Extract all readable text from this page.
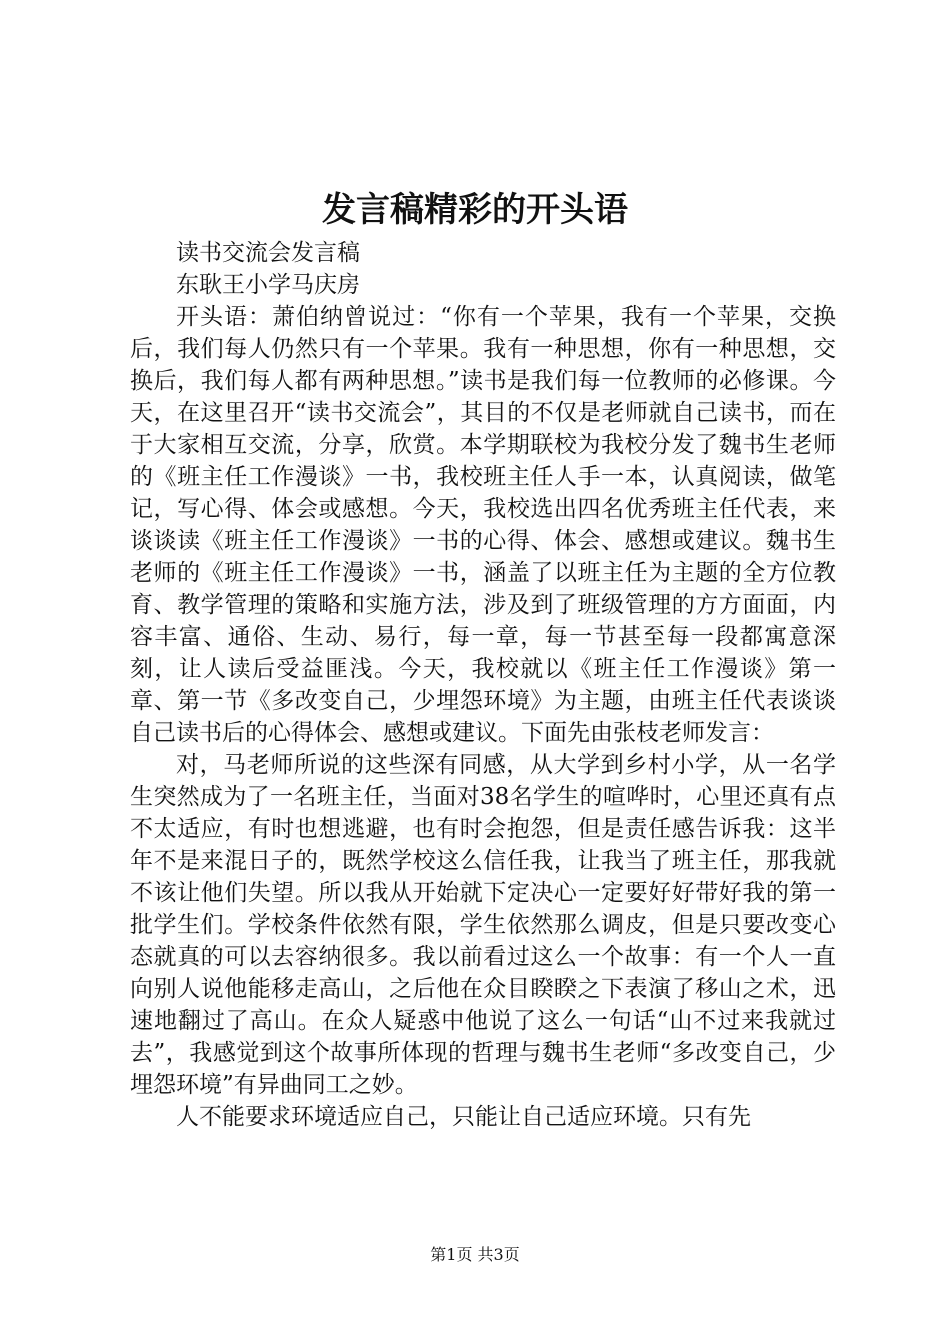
发言稿精彩的开头语

读书交流会发言稿

东耿王小学马庆房

开头语：萧伯纳曾说过：“你有一个苹果，我有一个苹果，交换后，我们每人仍然只有一个苹果。我有一种思想，你有一种思想，交换后，我们每人都有两种思想。”读书是我们每一位教师的必修课。今天，在这里召开“读书交流会”，其目的不仅是老师就自己读书，而在于大家相互交流，分享，欣赏。本学期联校为我校分发了魏书生老师的《班主任工作漫谈》一书，我校班主任人手一本，认真阅读，做笔记，写心得、体会或感想。今天，我校选出四名优秀班主任代表，来谈谈读《班主任工作漫谈》一书的心得、体会、感想或建议。魏书生老师的《班主任工作漫谈》一书，涵盖了以班主任为主题的全方位教育、教学管理的策略和实施方法，涉及到了班级管理的方方面面，内容丰富、通俗、生动、易行，每一章，每一节甚至每一段都寓意深刻，让人读后受益匪浅。今天，我校就以《班主任工作漫谈》第一章、第一节《多改变自己，少埋怨环境》为主题，由班主任代表谈谈自己读书后的心得体会、感想或建议。下面先由张枝老师发言：

对，马老师所说的这些深有同感，从大学到乡村小学，从一名学生突然成为了一名班主任，当面对38名学生的喧哗时，心里还真有点不太适应，有时也想逃避，也有时会抱怨，但是责任感告诉我：这半年不是来混日子的，既然学校这么信任我，让我当了班主任，那我就不该让他们失望。所以我从开始就下定决心一定要好好带好我的第一批学生们。学校条件依然有限，学生依然那么调皮，但是只要改变心态就真的可以去容纳很多。我以前看过这么一个故事：有一个人一直向别人说他能移走高山，之后他在众目睽睽之下表演了移山之术，迅速地翻过了高山。在众人疑惑中他说了这么一句话“山不过来我就过去”，我感觉到这个故事所体现的哲理与魏书生老师“多改变自己，少埋怨环境”有异曲同工之妙。

人不能要求环境适应自己，只能让自己适应环境。只有先

第1页 共3页
